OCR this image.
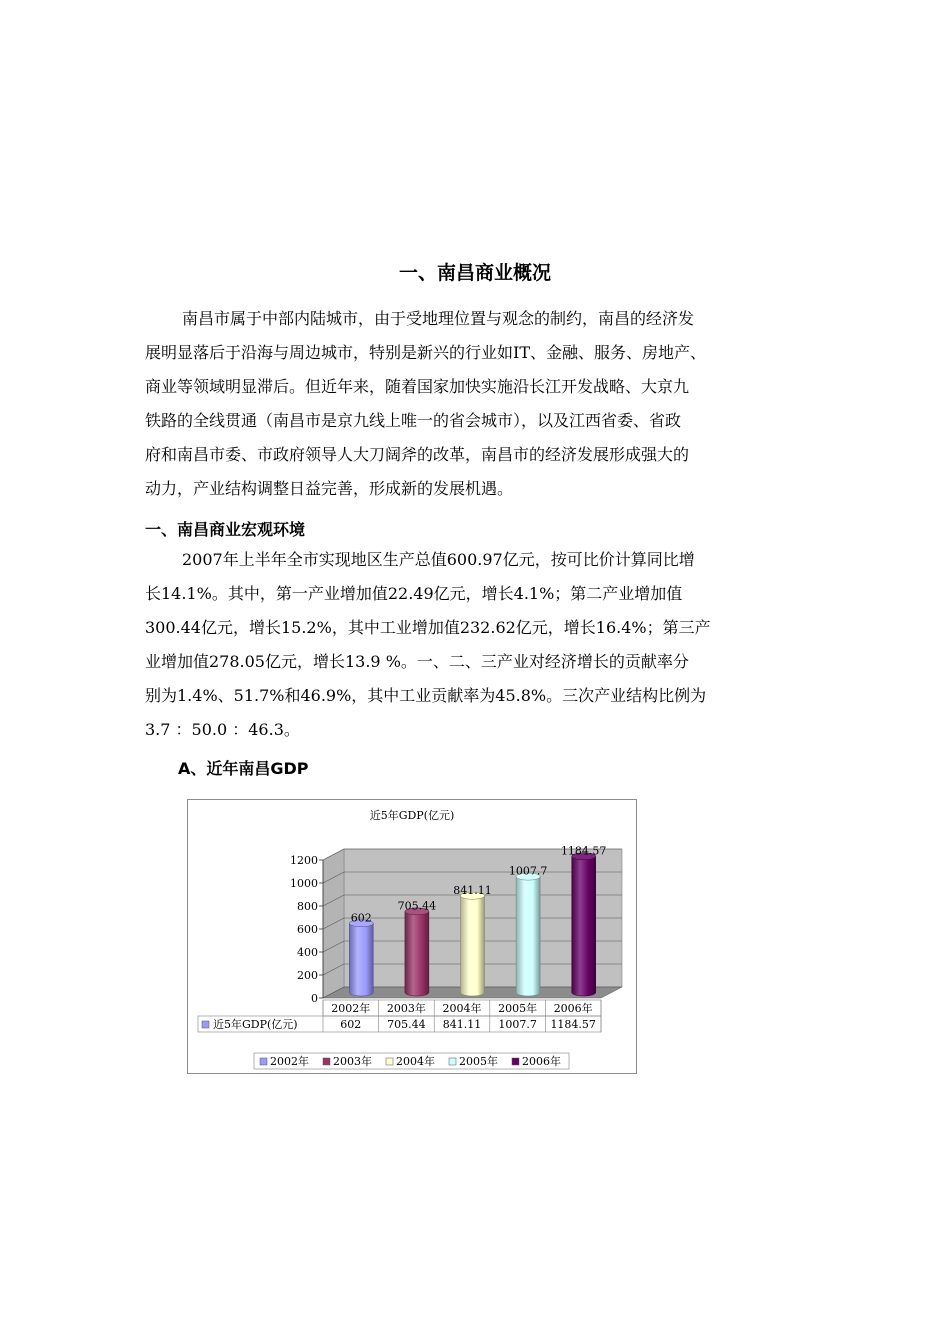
一、南昌商业概况
南昌市属于中部内陆城市，由于受地理位置与观念的制约，南昌的经济发
展明显落后于沿海与周边城市，特别是新兴的行业如IT、金融、服务、房地产、
商业等领域明显滞后。但近年来，随着国家加快实施沿长江开发战略、大京九
铁路的全线贯通（南昌市是京九线上唯一的省会城市），以及江西省委、省政
府和南昌市委、市政府领导人大刀阔斧的改革，南昌市的经济发展形成强大的
动力，产业结构调整日益完善，形成新的发展机遇。
一、南昌商业宏观环境
2007年上半年全市实现地区生产总值600.97亿元，按可比价计算同比增
长14.1%。其中，第一产业增加值22.49亿元，增长4.1%；第二产业增加值
300.44亿元，增长15.2%，其中工业增加值232.62亿元，增长16.4%；第三产
业增加值278.05亿元，增长13.9 %。一、二、三产业对经济增长的贡献率分
别为1.4%、51.7%和46.9%，其中工业贡献率为45.8%。三次产业结构比例为
3.7 ：50.0 ：46.3。
A、近年南昌GDP
近5年GDP(亿元)
0
200
400
600
800
1000
1200
602
705.44
841.11
1007.7
1184.57
2002年
602
2003年
705.44
2004年
841.11
2005年
1007.7
2006年
1184.57
近5年GDP(亿元)
2002年 2003年 2004年 2005年 2006年
